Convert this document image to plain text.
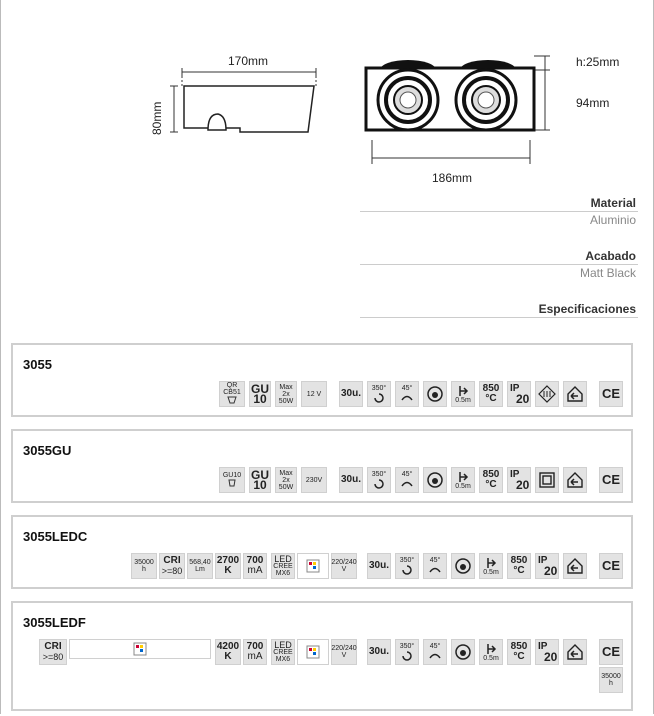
170mm
80mm
h:25mm
94mm
186mm
Material
Aluminio
Acabado
Matt Black
Especificaciones
3055
QR CB51 GU
10
Max
2x
50W
12 V	30u. 350° 45°
0.5m
850
°C
IP
20	CE
3055GU
GU10 GU
10
Max
2x
50W
230V	30u. 350° 45°
0.5m
850
°C
IP
20	CE
3055LEDC
35000
h
CRI
>=80
568,40
Lm
2700
K
700
mA
LED
CREE
MX6
220/240
V 30u. 350° 45°
0.5m
850
°C
IP
20	CE
3055LEDF
CRI
>=80
4200
K
700
mA
LED
CREE
MX6
220/240
V 30u. 350° 45°
0.5m
850
°C
IP
20	CE
35000
h
